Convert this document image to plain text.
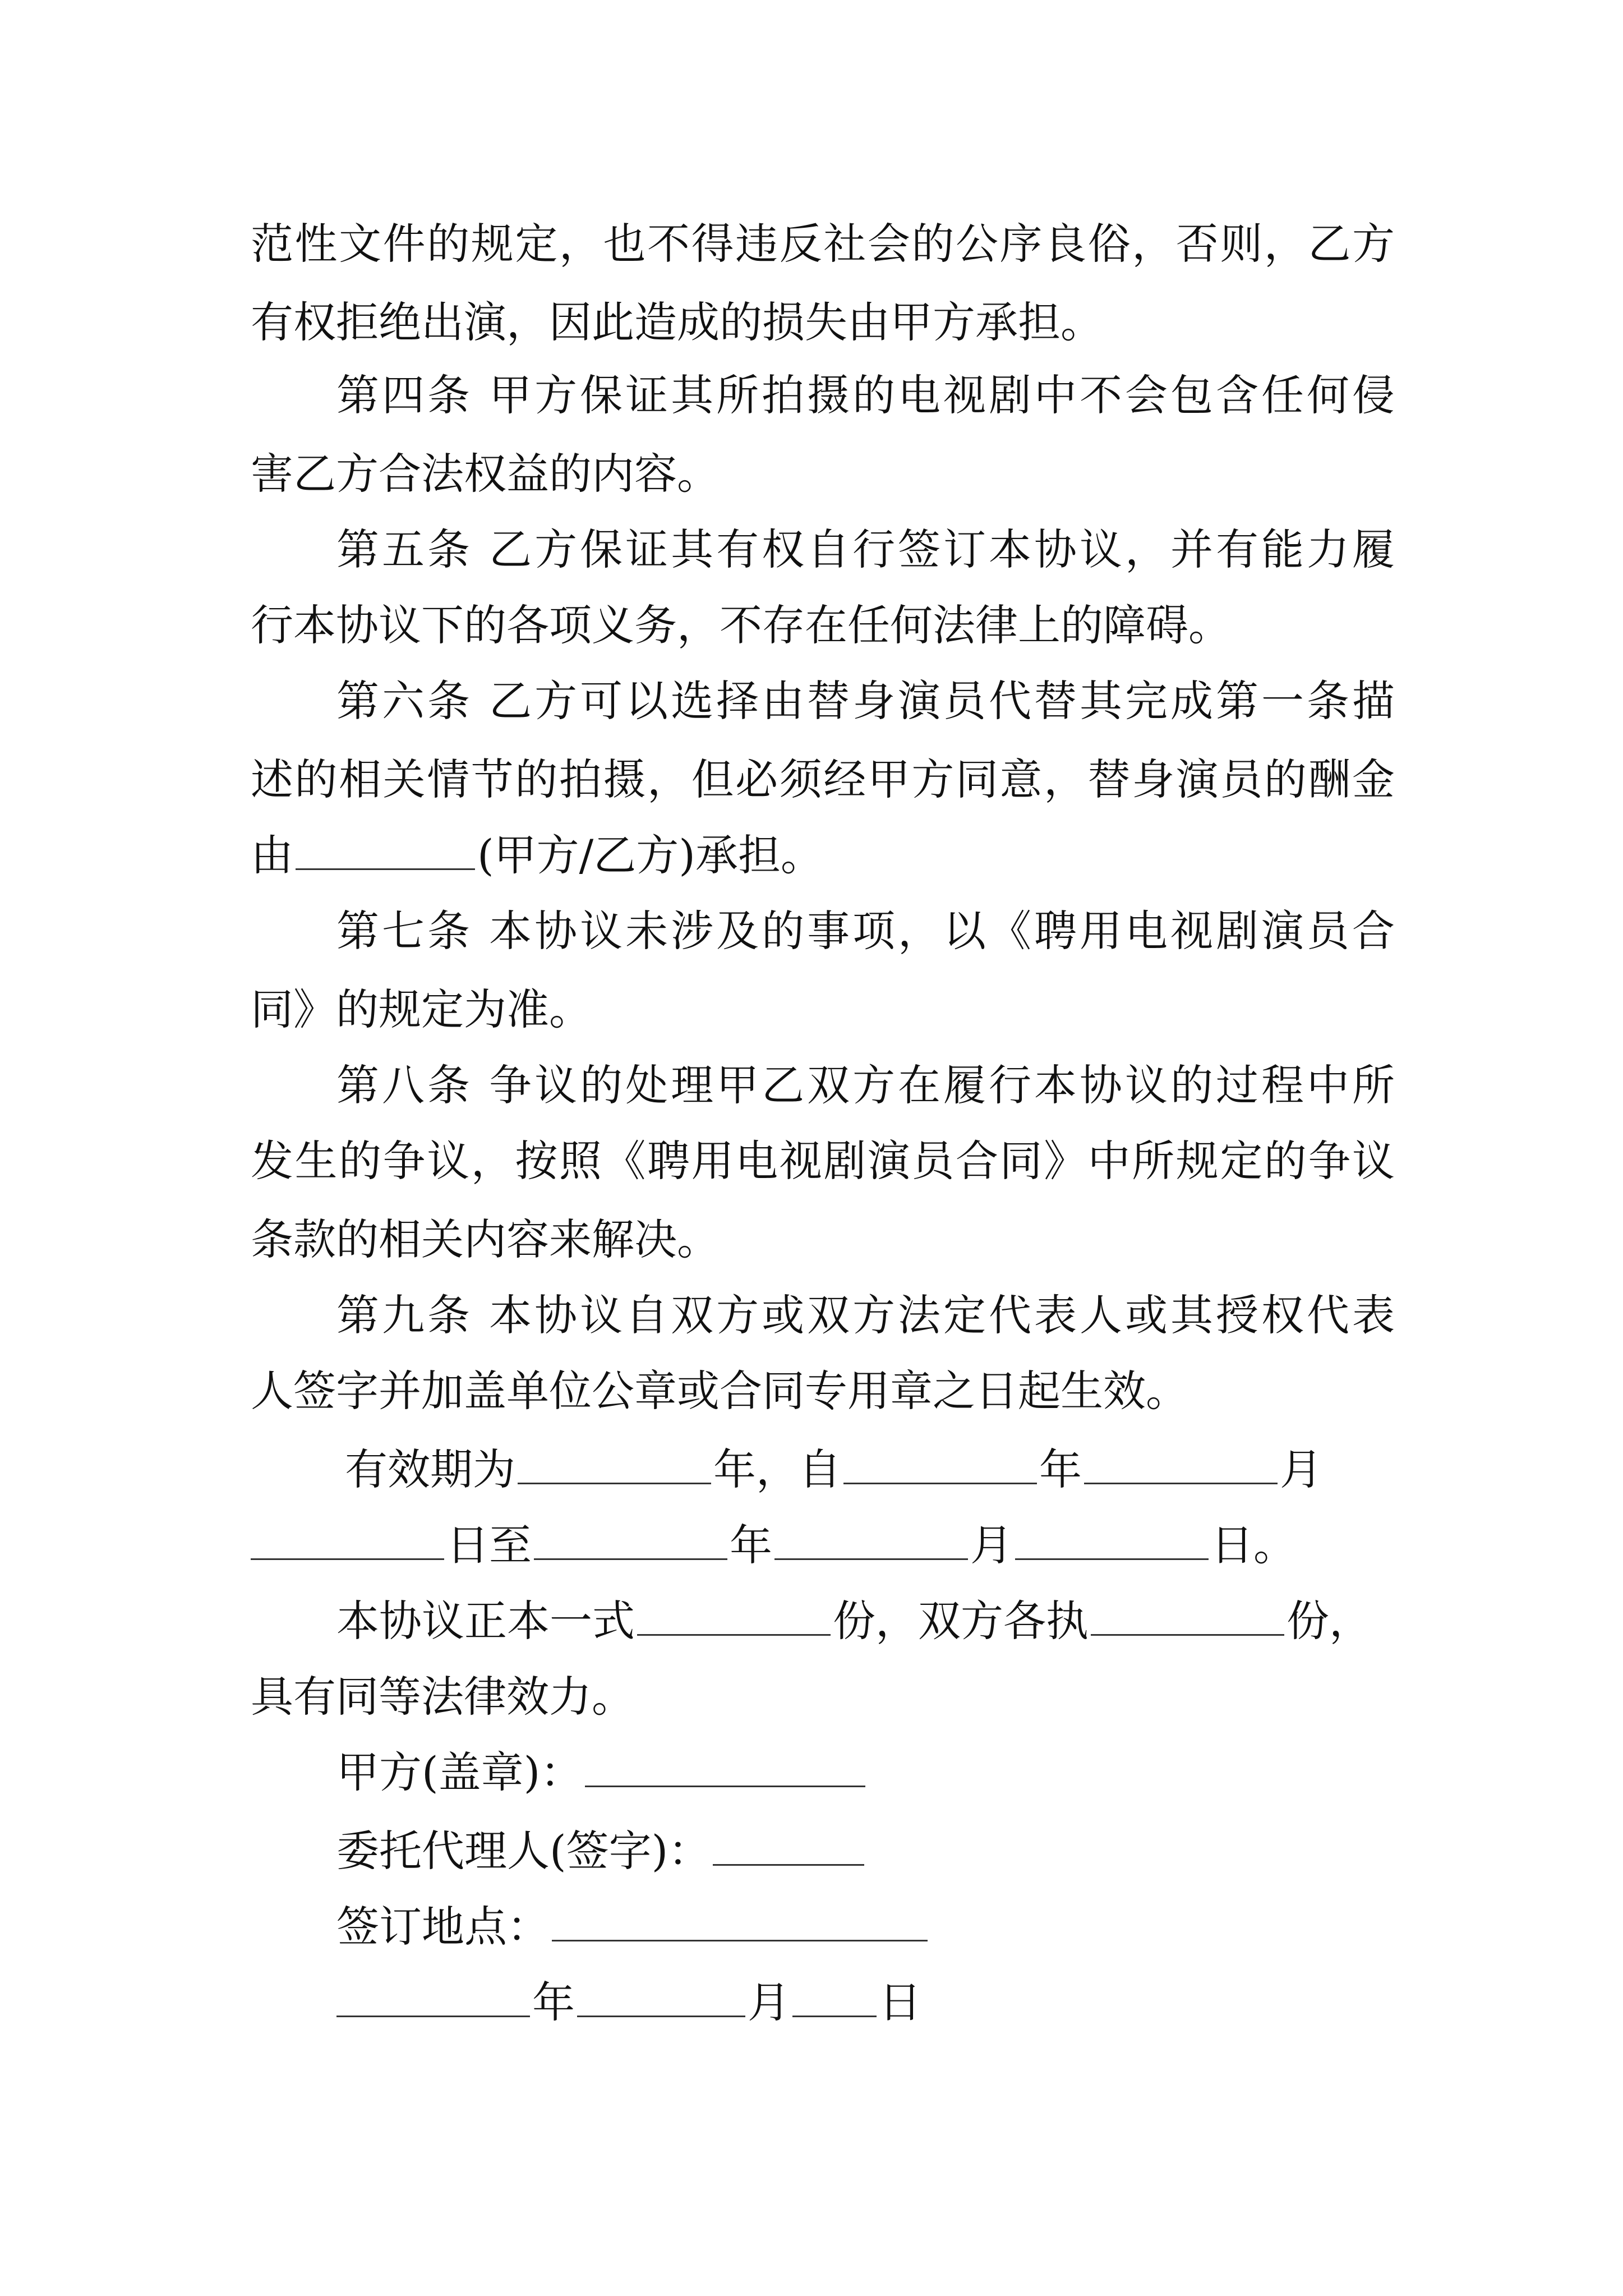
范性文件的规定，也不得违反社会的公序良俗，否则，乙方
有权拒绝出演，因此造成的损失由甲方承担。
第四条 甲方保证其所拍摄的电视剧中不会包含任何侵
害乙方合法权益的内容。
第五条 乙方保证其有权自行签订本协议，并有能力履
行本协议下的各项义务，不存在任何法律上的障碍。
第六条 乙方可以选择由替身演员代替其完成第一条描
述的相关情节的拍摄，但必须经甲方同意，替身演员的酬金
由	(甲方/乙方)承担。
第七条 本协议未涉及的事项，以《聘用电视剧演员合
同》的规定为准。
第八条 争议的处理甲乙双方在履行本协议的过程中所
发生的争议，按照《聘用电视剧演员合同》中所规定的争议
条款的相关内容来解决。
第九条 本协议自双方或双方法定代表人或其授权代表
人签字并加盖单位公章或合同专用章之日起生效。
有效期为	年，自	年	月
日至	年	月	日。
本协议正本一式	份，双方各执	份，
具有同等法律效力。
甲方(盖章)：
委托代理人(签字)：
签订地点：
年	月 日
